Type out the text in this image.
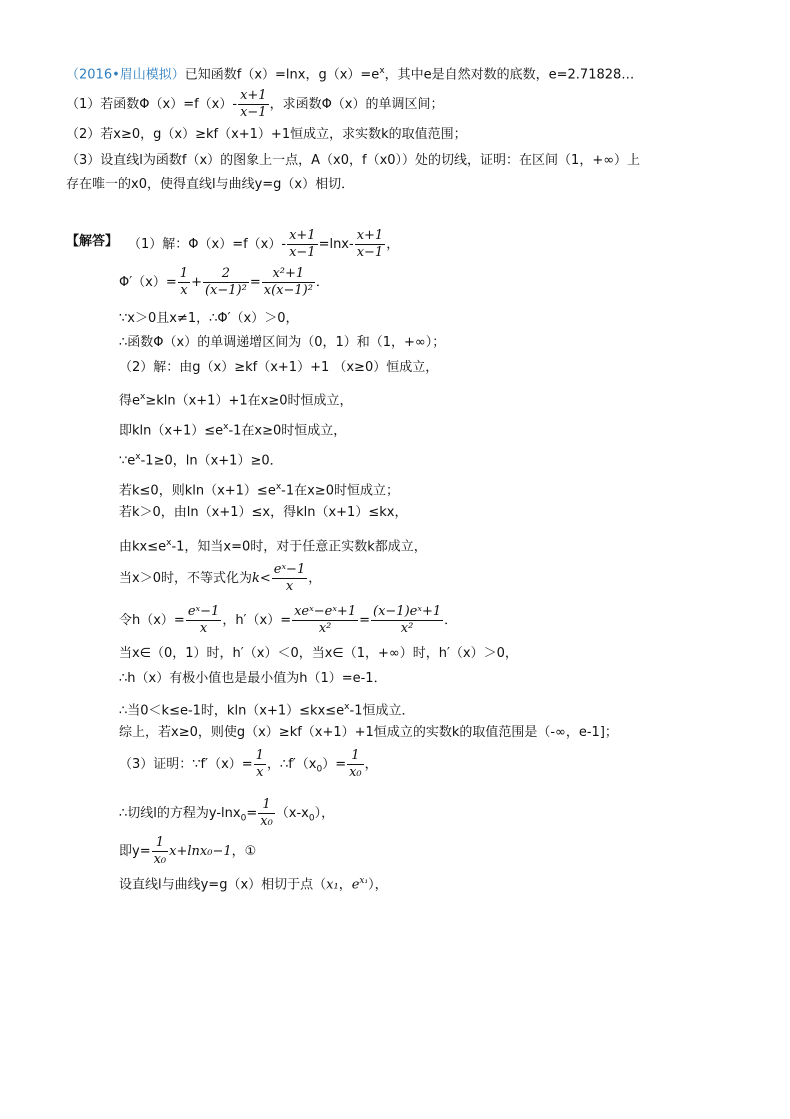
（2016•眉山模拟）已知函数f（x）=lnx，$g(x)=e^x$，其中e是自然对数的底数，e=2.71828…
（1）若函数$\Phi(x)=f(x)- \frac{x+1}{x-1}$ ，求函数Φ（x）的单调区间；
（2）若x≥0，g（x）≥kf（x+1）+1恒成立，求实数k的取值范围；
（3）设直线l为函数f（x）的图象上一点，A（x0，f（x0））处的切线，证明：在区间（1，+∞）上
存在唯一的x0，使得直线l与曲线y=g（x）相切．
【解答】 （1）解：$\Phi(x)=f(x)- \frac{x+1}{x-1} =\ln x- \frac{x+1}{x-1}$ ，
$\Phi'(x)= \frac{1}{x} + \frac{2}{\text{(x−1)²}} = \frac{\text{x²+1}}{\text{x(x−1)²}}$ ．
∵x＞0且x≠1，∴Φ′（x）＞0，
∴函数Φ（x）的单调递增区间为（0，1）和（1，+∞）；
（2）解：由g（x）≥kf（x+1）+1 （x≥0）恒成立，
得$e^x\ge kln(x+1)+1$在x≥0时恒成立，
即$kln(x+1)\le e^x-1$在x≥0时恒成立，
$\because e^x-1\ge 0$，ln（x+1）≥0．
若k≤0，则$kln(x+1)\le e^x-1$在x≥0时恒成立；
若k＞0，由ln（x+1）≤x，得kln（x+1）≤kx，
由$kx\le e^x-1$，知当x=0时，对于任意正实数k都成立，
当x＞0时，不等式化为$k< \frac{\text{eˣ−1}}{x}$ ，
令$h(x)= \frac{\text{eˣ−1}}{x}$ ，$h'(x)= \frac{\text{xeˣ−eˣ+1}}{\text{x²}} = \frac{\text{(x−1)eˣ+1}}{\text{x²}}$ ．
当x∈（0，1）时，h′（x）＜0，当x∈（1，+∞）时，h′（x）＞0，
∴h（x）有极小值也是最小值为h（1）=e-1．
∴当0＜k≤e-1时，$kln(x+1)\le kx\le e^x-1$恒成立．
综上，若x≥0，则使g（x）≥kf（x+1）+1恒成立的实数k的取值范围是（-∞，e-1]；
（3）证明：∵f′（x）= $\frac{1}{x}$ ，$\therefore f'(x_0)= \frac{1}{\text{x₀}}$ ，
∴切线l的方程为$y-\ln x_0= \frac{1}{\text{x₀}} (x-x_0)$，
即$y= \frac{1}{\text{x₀}} x+\ln x_0-1$，①
设直线l与曲线y=g（x）相切于点（x₁，$e^{x_1}$），
